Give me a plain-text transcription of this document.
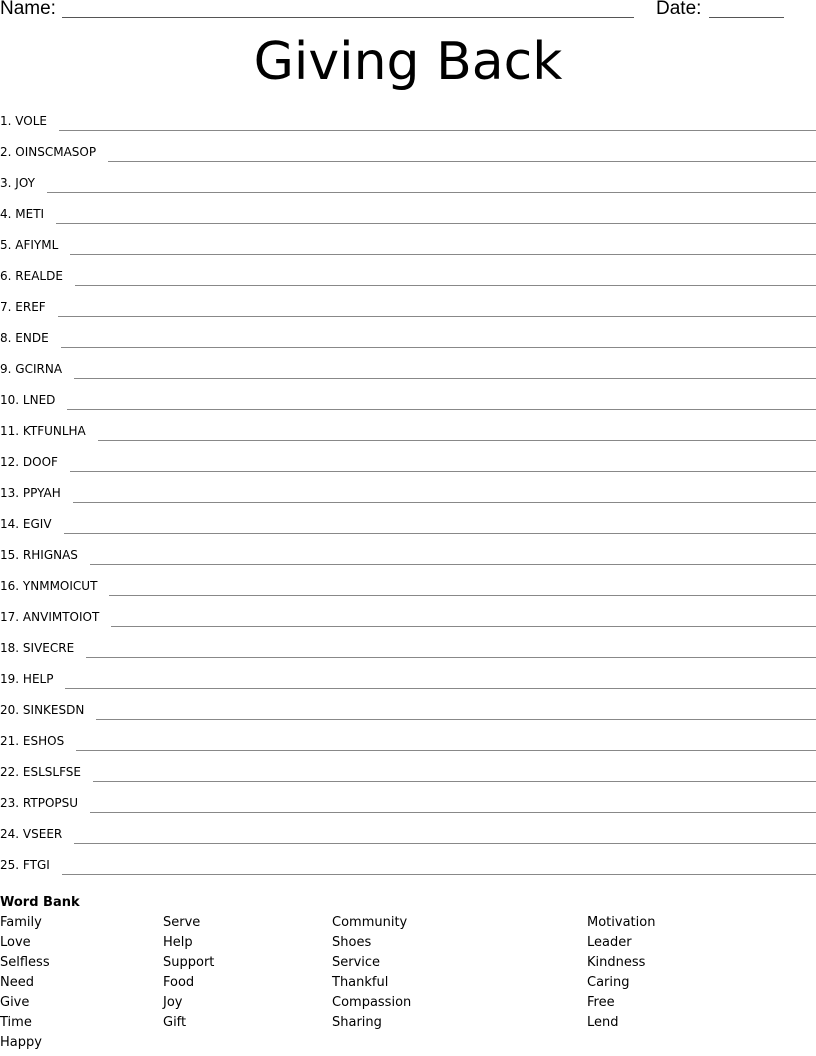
Name:	Date:
Giving Back
1 . VOLE
2 . OINSCMASOP
3 . JOY
4 . METI
5 . AFIYML
6 . REALDE
7 . EREF
8 . ENDE
9 . GCIRNA
10 . LNED
11 . KTFUNLHA
12 . DOOF
13 . PPYAH
14 . EGIV
15 . RHIGNAS
16 . YNMMOICUT
17 . ANVIMTOIOT
18 . SIVECRE
19 . HELP
20 . SINKESDN
21 . ESHOS
22 . ESLSLFSE
23 . RTPOPSU
24 . VSEER
25 . FTGI
Word Bank
Family
Love
Selfless
Need
Give
Time
Happy
Serve
Help
Support
Food
Joy
Gift
Community
Shoes
Service
Thankful
Compassion
Sharing
Motivation
Leader
Kindness
Caring
Free
Lend
